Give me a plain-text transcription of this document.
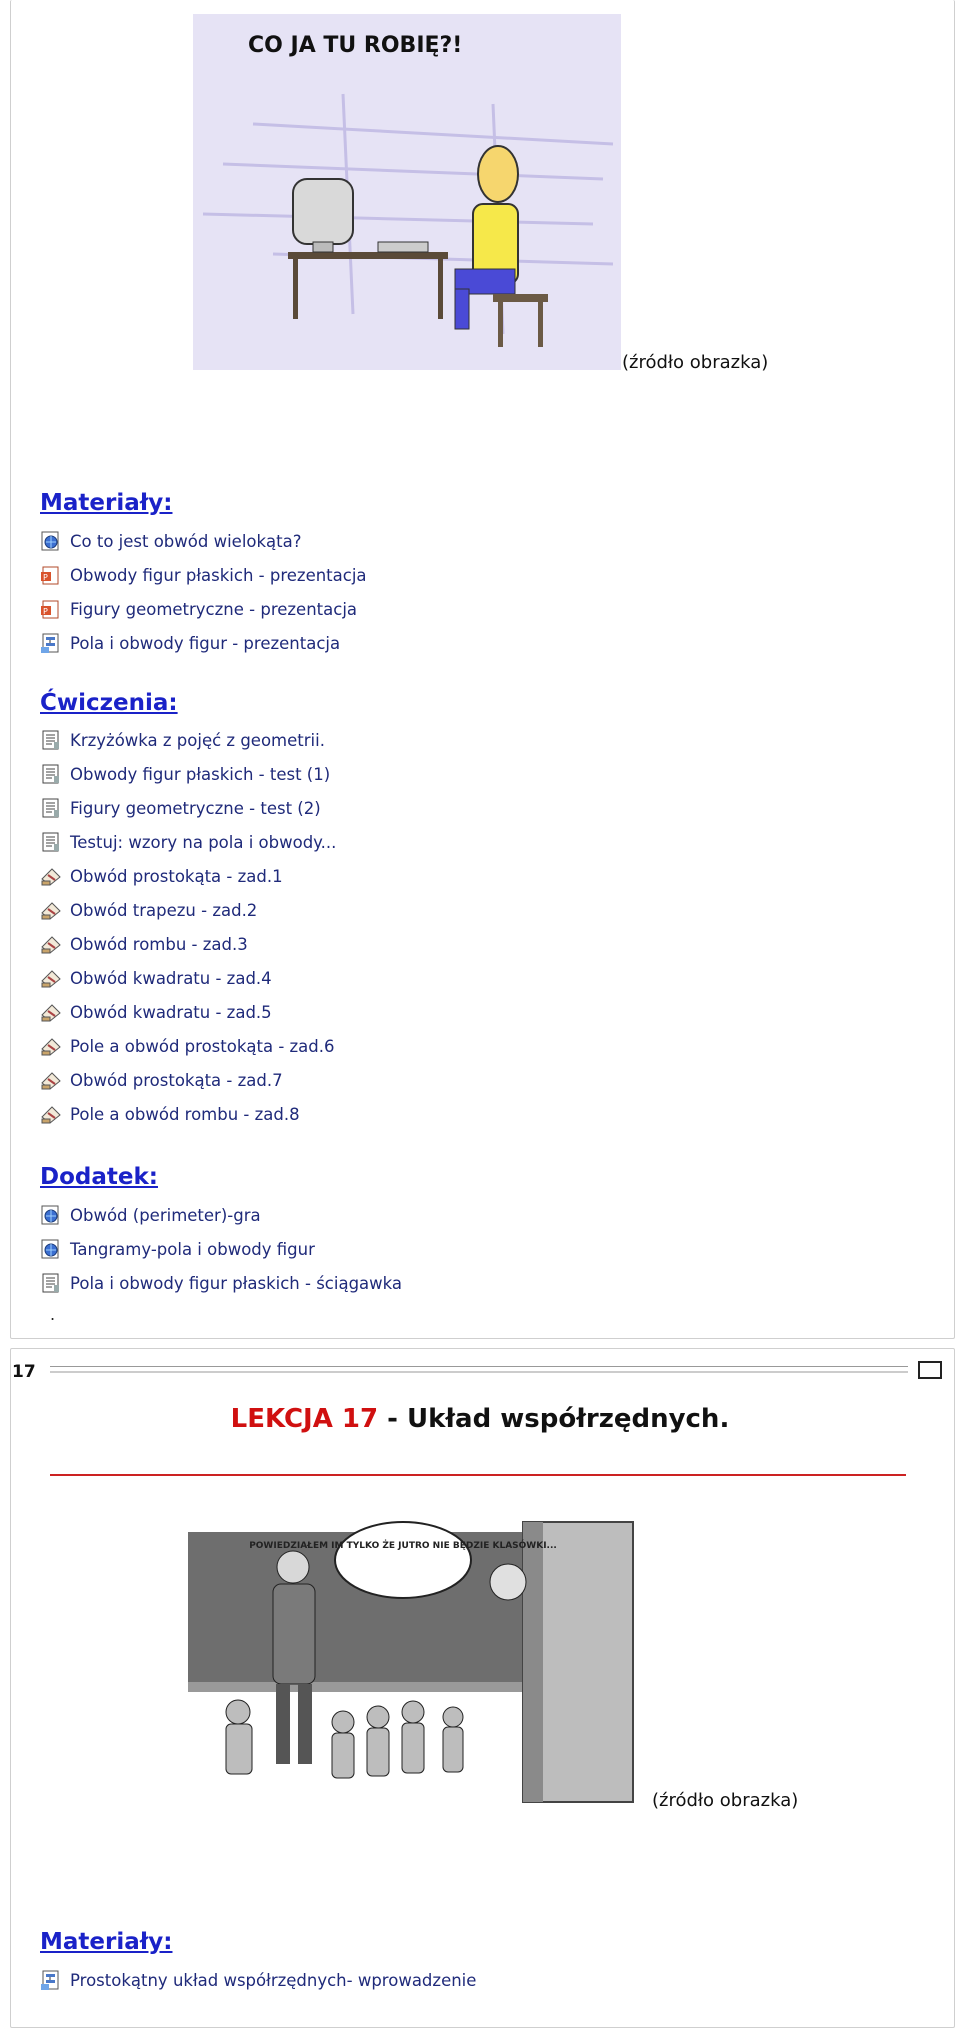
CO JA TU ROBIĘ?!
(źródło obrazka)
Materiały:
Co to jest obwód wielokąta?
P Obwody figur płaskich - prezentacja
P Figury geometryczne - prezentacja
Pola i obwody figur - prezentacja
Ćwiczenia:
Krzyżówka z pojęć z geometrii.
Obwody figur płaskich - test (1)
Figury geometryczne - test (2)
Testuj: wzory na pola i obwody...
Obwód prostokąta - zad.1
Obwód trapezu - zad.2
Obwód rombu - zad.3
Obwód kwadratu - zad.4
Obwód kwadratu - zad.5
Pole a obwód prostokąta - zad.6
Obwód prostokąta - zad.7
Pole a obwód rombu - zad.8
Dodatek:
Obwód (perimeter)-gra
Tangramy-pola i obwody figur
Pola i obwody figur płaskich - ściągawka
.
17
LEKCJA 17 - Układ współrzędnych.
POWIEDZIAŁEM IM TYLKO ŻE JUTRO NIE BĘDZIE KLASÓWKI...
(źródło obrazka)
Materiały:
Prostokątny układ współrzędnych- wprowadzenie
